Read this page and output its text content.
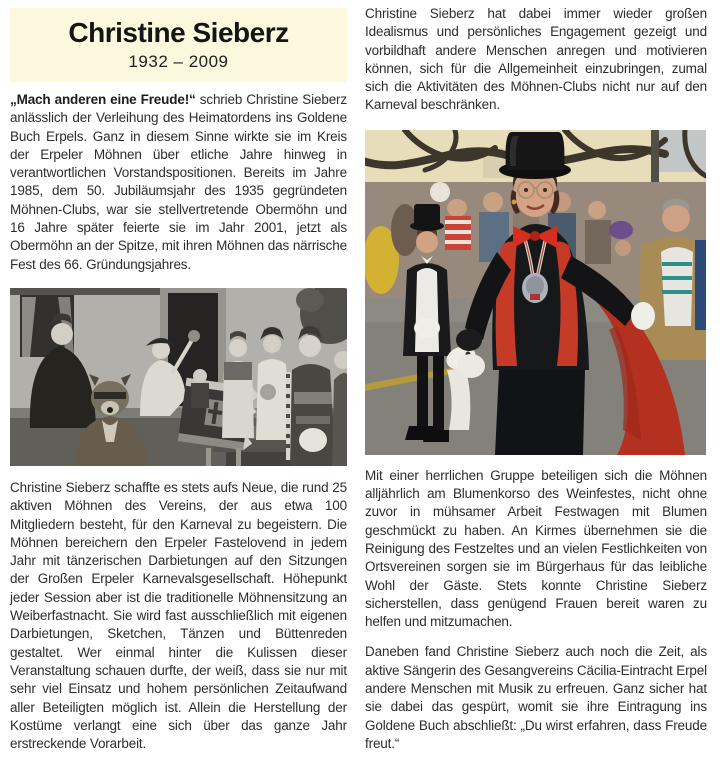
Christine Sieberz
1932 – 2009

„Mach anderen eine Freude!“ schrieb Christine Sieberz anlässlich der Verleihung des Heimatordens ins Goldene Buch Erpels. Ganz in diesem Sinne wirkte sie im Kreis der Erpeler Möhnen über etliche Jahre hinweg in verantwortlichen Vorstandspositionen. Bereits im Jahre 1985, dem 50. Jubiläumsjahr des 1935 gegründeten Möhnen-Clubs, war sie stellvertretende Obermöhn und 16 Jahre später feierte sie im Jahr 2001, jetzt als Obermöhn an der Spitze, mit ihren Möhnen das närrische Fest des 66. Gründungsjahres.

Christine Sieberz schaffte es stets aufs Neue, die rund 25 aktiven Möhnen des Vereins, der aus etwa 100 Mitgliedern besteht, für den Karneval zu begeistern. Die Möhnen bereichern den Erpeler Fastelovend in jedem Jahr mit tänzerischen Darbietungen auf den Sitzungen der Großen Erpeler Karnevalsgesellschaft. Höhepunkt jeder Session aber ist die traditionelle Möhnensitzung an Weiberfastnacht. Sie wird fast ausschließlich mit eigenen Darbietungen, Sketchen, Tänzen und Büttenreden gestaltet. Wer einmal hinter die Kulissen dieser Veranstaltung schauen durfte, der weiß, dass sie nur mit sehr viel Einsatz und hohem persönlichen Zeitaufwand aller Beteiligten möglich ist. Allein die Herstellung der Kostüme verlangt eine sich über das ganze Jahr erstreckende Vorarbeit.

Christine Sieberz hat dabei immer wieder großen Idealismus und persönliches Engagement gezeigt und vorbildhaft andere Menschen anregen und motivieren können, sich für die Allgemeinheit einzubringen, zumal sich die Aktivitäten des Möhnen-Clubs nicht nur auf den Karneval beschränken.

Mit einer herrlichen Gruppe beteiligen sich die Möhnen alljährlich am Blumenkorso des Weinfestes, nicht ohne zuvor in mühsamer Arbeit Festwagen mit Blumen geschmückt zu haben. An Kirmes übernehmen sie die Reinigung des Festzeltes und an vielen Festlichkeiten von Ortsvereinen sorgen sie im Bürgerhaus für das leibliche Wohl der Gäste. Stets konnte Christine Sieberz sicherstellen, dass genügend Frauen bereit waren zu helfen und mitzumachen.

Daneben fand Christine Sieberz auch noch die Zeit, als aktive Sängerin des Gesangvereins Cäcilia-Eintracht Erpel andere Menschen mit Musik zu erfreuen. Ganz sicher hat sie dabei das gespürt, womit sie ihre Eintragung ins Goldene Buch abschließt: „Du wirst erfahren, dass Freude freut.“
